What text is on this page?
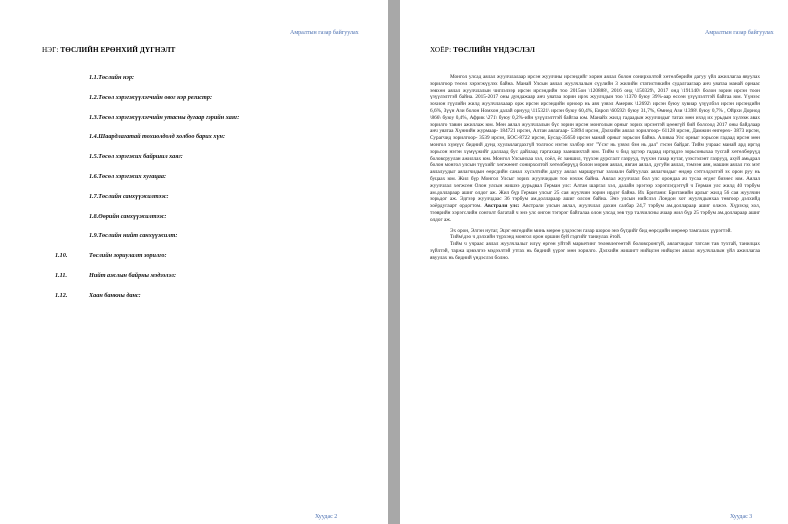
Амралтын газар байгуулах
НЭГ: ТӨСЛИЙН ЕРӨНХИЙ ДҮГНЭЛТ
1.1.Төслийн нэр:
1.2.Төсөл хэрэгжүүлэгчийн овог нэр регистр:
1.3.Төсөл хэрэгжүүлэгчийн утасны дугаар гэрийн хаяг:
1.4.Шаардлагатай тохиолдолд холбоо барих хүн:
1.5.Төсөл хэрэгжих байршил хаяг:
1.6.Төсөл хэрэгжих хугацаа:
1.7.Төслийн санхүүжилтээс:
1.8.Өөрийн санхүүжилтээс:
1.9.Төслийн нийт санхүүжилт:
1.10.	Төслийн зориулалт зорилго:
1.11.	Нийт ажлын байрны мэдээлэл:
1.12.	Хаан банкны данс:
Хуудас 2
Амралтын газар байгуулах
ХОЁР: ТӨСЛИЙН ҮНДЭСЛЭЛ

Монгол улсад аялал жуулчлалаар ирсэн жуулчны ирсэндийг хорин аялал болон сонирхолтой хөтөлбөрийн дагуу үйл ажиллагаа явуулах зорилгоор төсөл хэрэгжүүлэх байна. Манай Улсын аялал жуулчлалын сүүлийн 3 жилийн статистикийн судалгаагаар анч уяатаа манай орнаас зөвхөн аялал жуулчлалын чиглэлээр ирсэн ирсэндийн тоо 2015он \120888\, 2016 онд \150329\, 2017 онд \191140\ болон зорин ирсэн тоон үзүүлэлттэй байна. 2015-2017 оны дундажаар анч уяатаа зорин ирэх жуулчдын тоо \1370 буюу 39%-аар өссөн үзүүлэлттэй байгаа юм. Үүнээс зохион гүүлийн жилд жуулчлахааар орж ирсэн ирсэндийн орноор нь авч үзвэл Америк \12692\ ирсэн буюу хувиар үзүүлбэл ирсэн ирсэндийн 6,6%, Зүүн Ази болон Номхон далай орнууд \115321\ ирсэн буюу 60,4%, Европ \60592\ буюу 31,7%, Өмнөд Ази \1398\ буюу 0,7% , Ойрхи Дорнод \866\ буюу 0,4%, Африк \271\ буюу 0,2%-ийн үзүүлэлттэй байгаа юм. Манайх жилд гадаадын жуулчидыг татах мөн ихэд их урьдын хүлээж авах зорилго тавин ажиллаж юм. Мөн аялал жуулчлалын бүс зорин ирсэн монголын орныг зорих ирсэнтэй цөөнгүй бий болсоод 2017 оны байдлаар анч уяатаа Хүннийн журмаар- 184721 ирсэн, Алтан аялагаар- 53894 ирсэн, Дэлхийн аялал зорилгоор- 61128 ирсэн, Дамжин өнгөрөх- 3873 ирсэн, Сурагчид зорилгоор- 3539 ирсэн, БОС-8722 ирсэн, Бусад-35650 ирсэн манай орныг зорьсон байна. Аливаа Улс орныг зорьсон гадаад ирсэн мөн монгол хүмүүс бидний дунд хуульчлагдахгүй толгоос нэгэн хэлбэр нэг "Үсэг нь үзвэл бэн нь дал" гэсэн байдаг. Тийм учраас манай ард иргэд зорьсон нэгэн хүмүүжийг даллаад бус дайлаад гаргахаар зааншихтай юм. Тийм ч бид эдгээр гадаад иргэддээ зорьсоныхаа тусгай хөтөлбөрүүд боловсруулан ажиллах юм. Монгол Улсынхаа хэл, соёл, ёс заншил, түүхэн дурсгалт газрууд, түүхэн газар нутаг, үзэсгэлэнт газрууд, ахуй амьдрал болон монгол улсын түүхийг хөгжөөнт сонирхолтой хөтөлбөрүүд болон морин аялал, явган аялал, дугуйн аялал, тэмээн аян, машин аялал гэх мэт аялалуудыг аялагчидын өөрсдийн санал хүсэлтийн дагуу аялал маршрутыг захиалн байгуулах аялагчидыг өндөр сэтгэлдэлтэй эх орон руу нь буцаах юм. Жил бүр Монгол Улсыг зорих жуулчидын тоо нэхэж байна. Аялал жуулчлал бол улс орондаа ач тусаа өгдөг бизнес юм. Аялал жуулчлал хөгжсөн Олон улсын жишээ дурьдвал Герман улс: Алтан шаргал хэл, далайн эрэгээр хэрэглэгдэггүй ч Герман улс жилд 40 тэрбум ам.доллараар ашиг олдог аж. Жил бүр Герман улсыг 25 сая жуулчин зорин ирдэг байна. Их Британи: Британийн арлыг жилд 56 сая жуулчин зорьдог аж. Эдгээр жуулчдаас 36 тэрбум ам.доллараар ашиг олсон байна. Энэ улсын нийслэл Лондон хот жуулчдынхаа төвгоор дэлхийд хоёрдугаарт ордогтом. Австрали улс: Австрали улсын аялал, жуулчлал дахин салбар 24,7 тэрбум ам.доллараар ашиг олжээ. Хүрэхэд хол, тээврийн хэрэгслийн сонголт багатай ч энэ улс онгон тэгэрэг байгалаа олон улсад зөв тур талчилсны ачаар жил бүр 25 тэрбум ам.доллараар ашиг олдог аж.

Эх орон, Элгэн нутаг, Эцэг өвгөдийн минь мөрөө үлдээсэн газар шороо энэ бүгдийг бид өөрсдийн мөрөөр тамгалах үүрэгтэй.

Тийм\дэо ч дэлхийн түрхэнд монгол орон оршин буй гэдгийг таниулах ётой.

Тийм ч учраас аялал жуулчлалыг илүү өргөн уйтэй маркетинг төлөвлөгөөтэй боловсронгүй, аялагчидыг татсан тав тухтай, танилцах зүйлтэй, таржа цэвэлгээ мэдээлтэй утгах нь бидний үүрэг мөн зорилго. Дэлхийн жишигт нийцсэн нийцсэн аялал жуулчлалын үйл ажиллагаа явуулах нь бидний үндэслэл болно.

Хуудас 3
